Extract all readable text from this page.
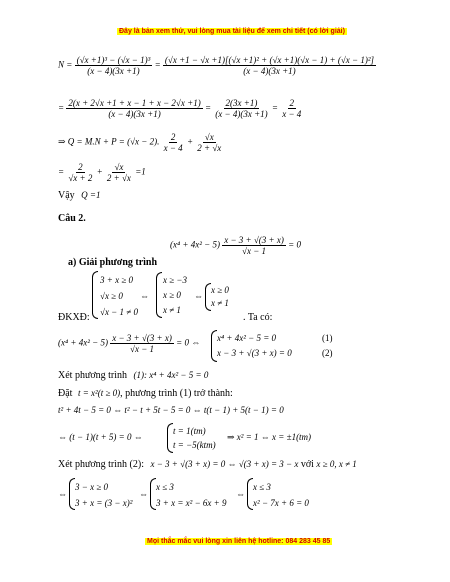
Đây là bản xem thử, vui lòng mua tài liệu để xem chi tiết (có lời giải)
$N = \frac{\text{(√x +1)³ − (√x − 1)³}}{(x - 4)(3x +1)} = \frac{\text{(√x +1 − √x +1)[(√x +1)² + (√x +1)(√x − 1) + (√x − 1)²]}}{(x - 4)(3x +1)}$
= $\frac{2(x + 2√x +1 + x - 1 + x - 2√x +1)}{(x - 4)(3x +1)} = \frac{2(3x +1)}{(x - 4)(3x +1)} = \frac{2}{x - 4}$
⇒ Q = M.N + P = (√x − 2). $\frac{2}{x - 4} + \frac{√x}{2 + √x}$
= $\frac{2}{√x + 2} + \frac{√x}{2 + √x} =1$
Vậy Q =1
Câu 2.
$(x^4 + 4x^2 - 5) \frac{x - 3 + √(3 + x)}{√x - 1} = 0$
a) Giải phương trình
ĐKXĐ:
3 + x ≥ 0
√x ≥ 0
√x − 1 ≠ 0
⇔
x ≥ −3
x ≥ 0
x ≠ 1
⇔
x ≥ 0
x ≠ 1
. Ta có:
$(x^4 + 4x^2 - 5) \frac{x - 3 + √(3 + x)}{√x - 1} = 0$ ⇔ x⁴ + 4x² − 5 = 0
x − 3 + √(3 + x) = 0
(1)
(2)
Xét phương trình (1): x⁴ + 4x² − 5 = 0
Đặt t = x²(t ≥ 0), phương trình (1) trở thành:
t² + 4t − 5 = 0 ⇔ t² − t + 5t − 5 = 0 ⇔ t(t − 1) + 5(t − 1) = 0
⇔ (t − 1)(t + 5) = 0 ⇔
t = 1(tm)
t = −5(ktm)
⇒ x² = 1 ⇔ x = ±1(tm)
Xét phương trình (2): x − 3 + √(3 + x) = 0 ⇔ √(3 + x) = 3 − x với x ≥ 0, x ≠ 1
⇔
3 − x ≥ 0
3 + x = (3 − x)²
⇔
x ≤ 3
3 + x = x² − 6x + 9
⇔
x ≤ 3
x² − 7x + 6 = 0
Mọi thắc mắc vui lòng xin liên hệ hotline: 084 283 45 85
